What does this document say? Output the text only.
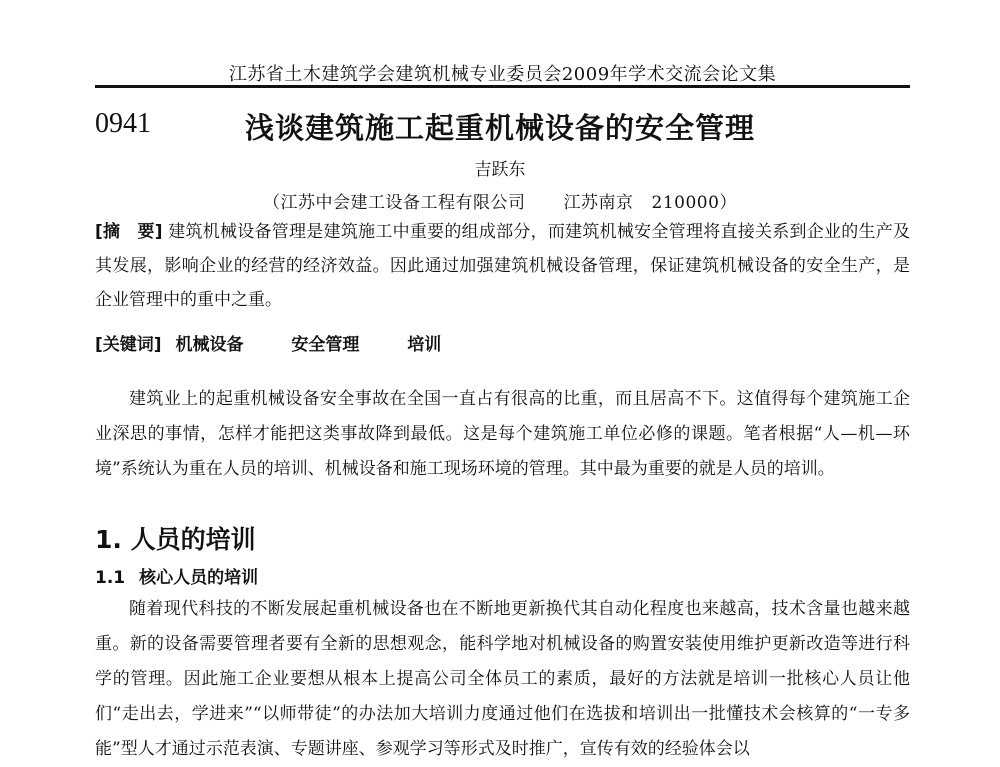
江苏省土木建筑学会建筑机械专业委员会2009年学术交流会论文集
0941	浅谈建筑施工起重机械设备的安全管理
吉跃东
（江苏中会建工设备工程有限公司 江苏南京 210000）
[摘　要] 建筑机械设备管理是建筑施工中重要的组成部分，而建筑机械安全管理将直接关系到企业的生产及其发展，影响企业的经营的经济效益。因此通过加强建筑机械设备管理，保证建筑机械设备的安全生产，是企业管理中的重中之重。
[关键词] 机械设备	安全管理	培训
建筑业上的起重机械设备安全事故在全国一直占有很高的比重，而且居高不下。这值得每个建筑施工企业深思的事情，怎样才能把这类事故降到最低。这是每个建筑施工单位必修的课题。笔者根据“人—机—环境”系统认为重在人员的培训、机械设备和施工现场环境的管理。其中最为重要的就是人员的培训。
1. 人员的培训
1.1 核心人员的培训
随着现代科技的不断发展起重机械设备也在不断地更新换代其自动化程度也来越高，技术含量也越来越重。新的设备需要管理者要有全新的思想观念，能科学地对机械设备的购置安装使用维护更新改造等进行科学的管理。因此施工企业要想从根本上提高公司全体员工的素质，最好的方法就是培训一批核心人员让他们“走出去，学进来”“以师带徒”的办法加大培训力度通过他们在选拔和培训出一批懂技术会核算的“一专多能”型人才通过示范表演、专题讲座、参观学习等形式及时推广，宣传有效的经验体会以
